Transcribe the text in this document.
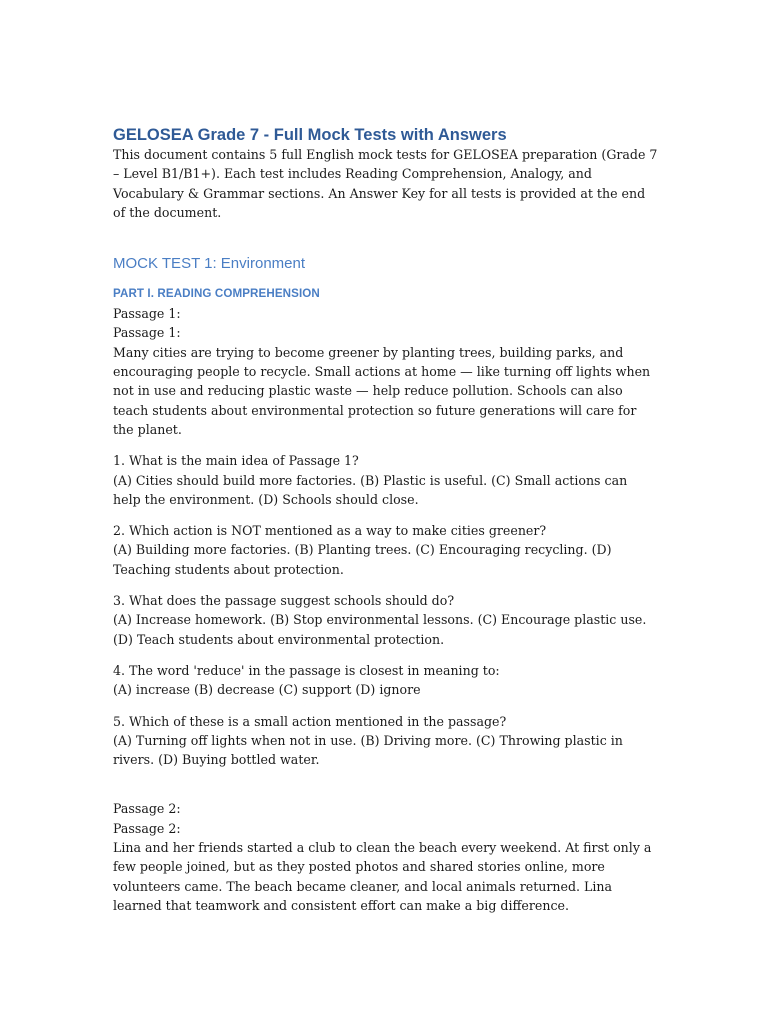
GELOSEA Grade 7 - Full Mock Tests with Answers

This document contains 5 full English mock tests for GELOSEA preparation (Grade 7 – Level B1/B1+). Each test includes Reading Comprehension, Analogy, and Vocabulary & Grammar sections. An Answer Key for all tests is provided at the end of the document.

MOCK TEST 1: Environment
PART I. READING COMPREHENSION

Passage 1:

Passage 1:

Many cities are trying to become greener by planting trees, building parks, and encouraging people to recycle. Small actions at home — like turning off lights when not in use and reducing plastic waste — help reduce pollution. Schools can also teach students about environmental protection so future generations will care for the planet.

1. What is the main idea of Passage 1?

(A) Cities should build more factories. (B) Plastic is useful. (C) Small actions can help the environment. (D) Schools should close.

2. Which action is NOT mentioned as a way to make cities greener?

(A) Building more factories. (B) Planting trees. (C) Encouraging recycling. (D) Teaching students about protection.

3. What does the passage suggest schools should do?

(A) Increase homework. (B) Stop environmental lessons. (C) Encourage plastic use. (D) Teach students about environmental protection.

4. The word 'reduce' in the passage is closest in meaning to:

(A) increase (B) decrease (C) support (D) ignore

5. Which of these is a small action mentioned in the passage?

(A) Turning off lights when not in use. (B) Driving more. (C) Throwing plastic in rivers. (D) Buying bottled water.

Passage 2:

Passage 2:

Lina and her friends started a club to clean the beach every weekend. At first only a few people joined, but as they posted photos and shared stories online, more volunteers came. The beach became cleaner, and local animals returned. Lina learned that teamwork and consistent effort can make a big difference.
